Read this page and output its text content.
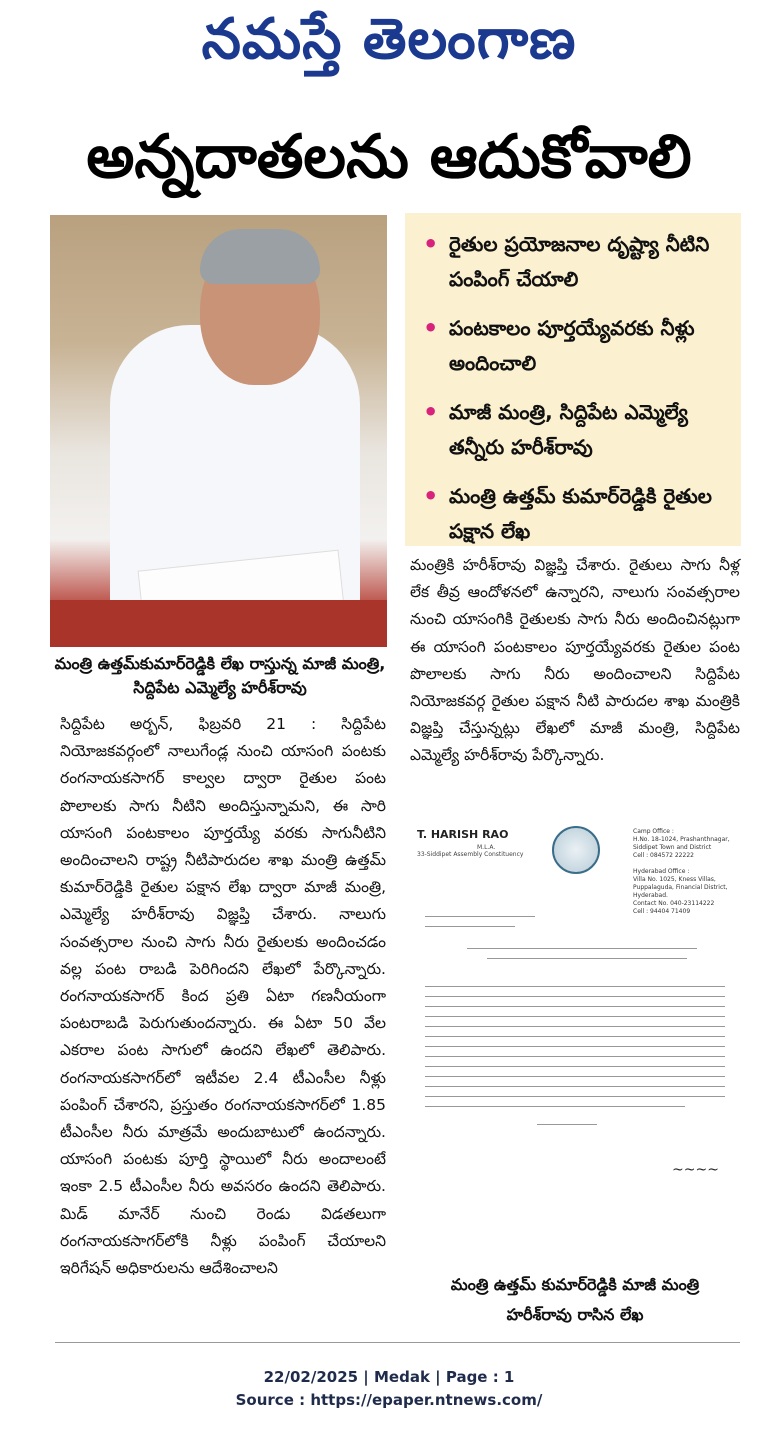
నమస్తే తెలంగాణ
అన్నదాతలను ఆదుకోవాలి
మంత్రి ఉత్తమ్‌కుమార్‌రెడ్డికి లేఖ రాస్తున్న మాజీ మంత్రి, సిద్దిపేట ఎమ్మెల్యే హరీశ్‌రావు
• రైతుల ప్రయోజనాల దృష్ట్యా నీటిని పంపింగ్ చేయాలి
• పంటకాలం పూర్తయ్యేవరకు నీళ్లు అందించాలి
• మాజీ మంత్రి, సిద్దిపేట ఎమ్మెల్యే తన్నీరు హరీశ్‌రావు
• మంత్రి ఉత్తమ్ కుమార్‌రెడ్డికి రైతుల పక్షాన లేఖ
సిద్దిపేట అర్బన్, ఫిబ్రవరి 21 : సిద్దిపేట నియోజకవర్గంలో నాలుగేండ్ల నుంచి యాసంగి పంటకు రంగనాయకసాగర్ కాల్వల ద్వారా రైతుల పంట పొలాలకు సాగు నీటిని అందిస్తున్నామని, ఈ సారి యాసంగి పంటకాలం పూర్తయ్యే వరకు సాగునీటిని అందించాలని రాష్ట్ర నీటిపారుదల శాఖ మంత్రి ఉత్తమ్ కుమార్‌రెడ్డికి రైతుల పక్షాన లేఖ ద్వారా మాజీ మంత్రి, ఎమ్మెల్యే హరీశ్‌రావు విజ్ఞప్తి చేశారు. నాలుగు సంవత్సరాల నుంచి సాగు నీరు రైతులకు అందించడం వల్ల పంట రాబడి పెరిగిందని లేఖలో పేర్కొన్నారు. రంగనాయకసాగర్ కింద ప్రతి ఏటా గణనీయంగా పంటరాబడి పెరుగుతుందన్నారు. ఈ ఏటా 50 వేల ఎకరాల పంట సాగులో ఉందని లేఖలో తెలిపారు. రంగనాయకసాగర్‌లో ఇటీవల 2.4 టీఎంసీల నీళ్లు పంపింగ్ చేశారని, ప్రస్తుతం రంగనాయకసాగర్‌లో 1.85 టీఎంసీల నీరు మాత్రమే అందుబాటులో ఉందన్నారు. యాసంగి పంటకు పూర్తి స్థాయిలో నీరు అందాలంటే ఇంకా 2.5 టీఎంసీల నీరు అవసరం ఉందని తెలిపారు. మిడ్ మానేర్ నుంచి రెండు విడతలుగా రంగనాయకసాగర్‌లోకి నీళ్లు పంపింగ్ చేయాలని ఇరిగేషన్ అధికారులను ఆదేశించాలని
మంత్రికి హరీశ్‌రావు విజ్ఞప్తి చేశారు. రైతులు సాగు నీళ్ల లేక తీవ్ర ఆందోళనలో ఉన్నారని, నాలుగు సంవత్సరాల నుంచి యాసంగికి రైతులకు సాగు నీరు అందించినట్లుగా ఈ యాసంగి పంటకాలం పూర్తయ్యేవరకు రైతుల పంట పొలాలకు సాగు నీరు అందించాలని సిద్దిపేట నియోజకవర్గ రైతుల పక్షాన నీటి పారుదల శాఖ మంత్రికి విజ్ఞప్తి చేస్తున్నట్లు లేఖలో మాజీ మంత్రి, సిద్దిపేట ఎమ్మెల్యే హరీశ్‌రావు పేర్కొన్నారు.
T. HARISH RAO
M.L.A.
33-Siddipet Assembly Constituency
Camp Office :
H.No. 18-1024, Prashanthnagar,
Siddipet Town and District
Cell : 084572 22222

Hyderabad Office :
Villa No. 1025, Kness Villas,
Puppalaguda, Financial District,
Hyderabad.
Contact No. 040-23114222
Cell : 94404 71409
~~~~
మంత్రి ఉత్తమ్ కుమార్‌రెడ్డికి మాజీ మంత్రి హరీశ్‌రావు రాసిన లేఖ
22/02/2025 | Medak | Page : 1
Source : https://epaper.ntnews.com/
